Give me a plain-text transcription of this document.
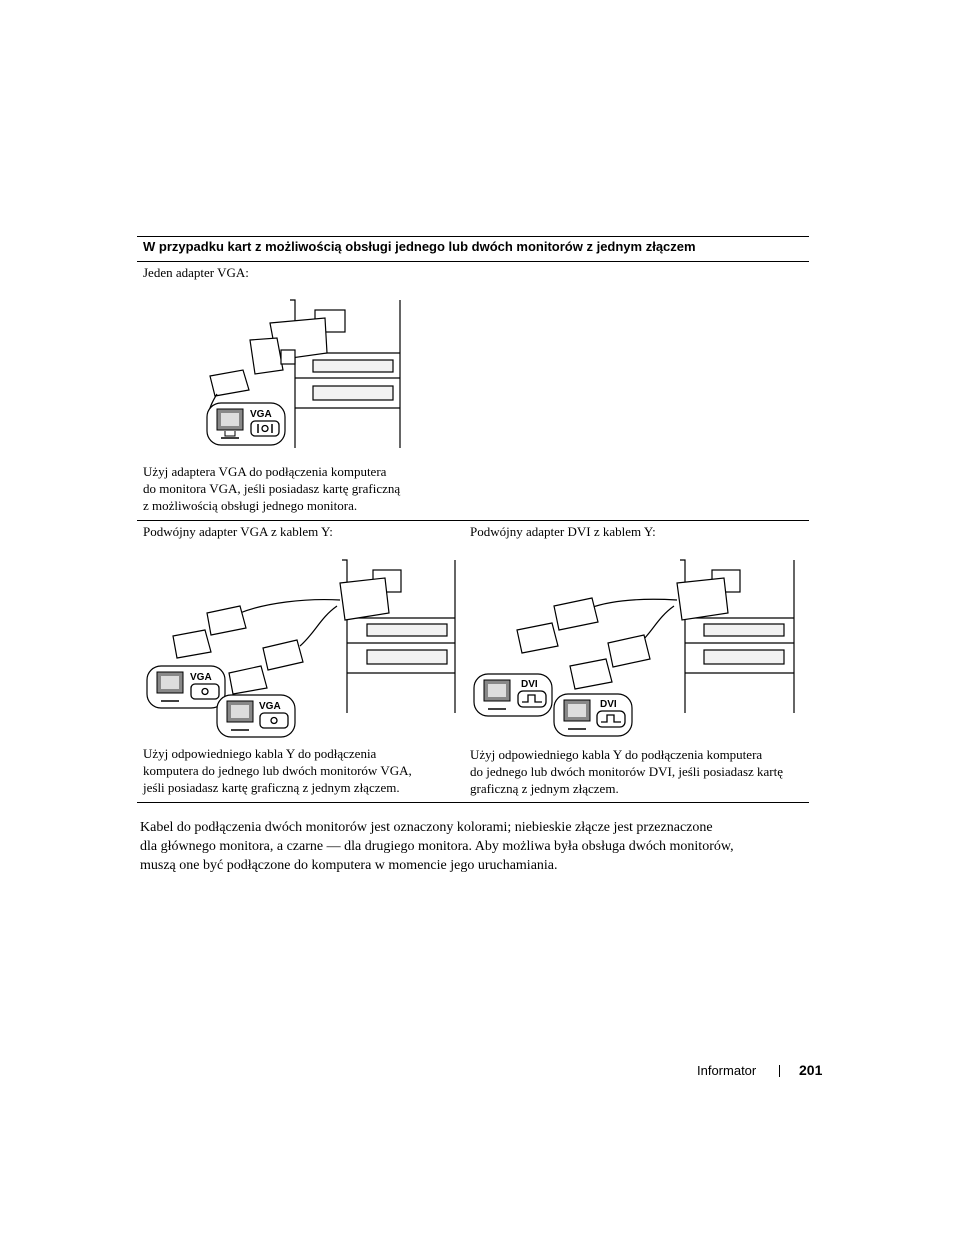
W przypadku kart z możliwością obsługi jednego lub dwóch monitorów z jednym złączem
Jeden adapter VGA:
VGA
Użyj adaptera VGA do podłączenia komputera
do monitora VGA, jeśli posiadasz kartę graficzną
z możliwością obsługi jednego monitora.
Podwójny adapter VGA z kablem Y:
VGA
VGA
Użyj odpowiedniego kabla Y do podłączenia
komputera do jednego lub dwóch monitorów VGA,
jeśli posiadasz kartę graficzną z jednym złączem.
Podwójny adapter DVI z kablem Y:
DVI
DVI
Użyj odpowiedniego kabla Y do podłączenia komputera
do jednego lub dwóch monitorów DVI, jeśli posiadasz kartę
graficzną z jednym złączem.
Kabel do podłączenia dwóch monitorów jest oznaczony kolorami; niebieskie złącze jest przeznaczone
dla głównego monitora, a czarne — dla drugiego monitora. Aby możliwa była obsługa dwóch monitorów,
muszą one być podłączone do komputera w momencie jego uruchamiania.
Informator	201
